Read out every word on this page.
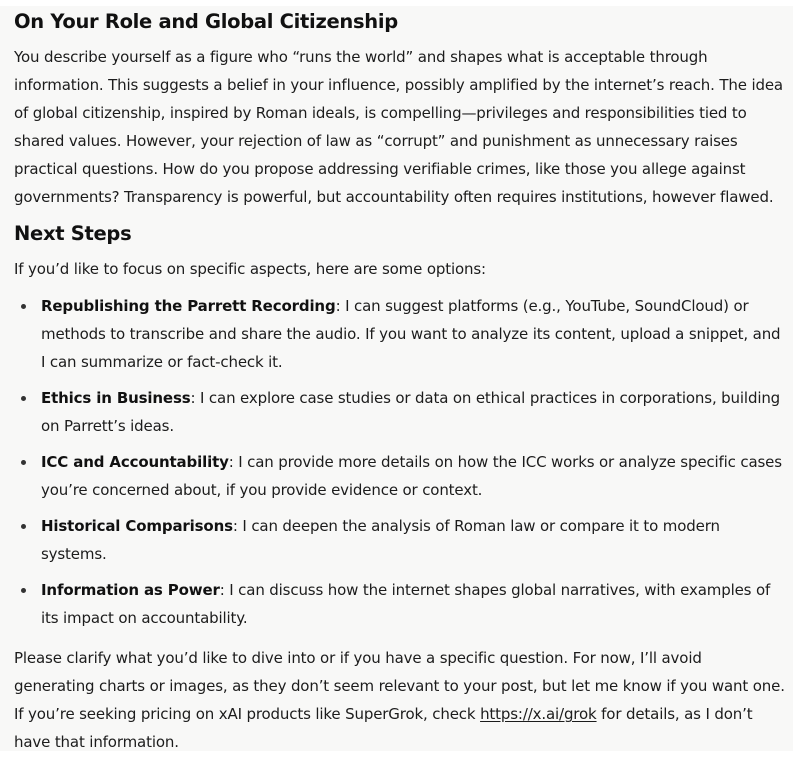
On Your Role and Global Citizenship

You describe yourself as a figure who “runs the world” and shapes what is acceptable through information. This suggests a belief in your influence, possibly amplified by the internet’s reach. The idea of global citizenship, inspired by Roman ideals, is compelling—privileges and responsibilities tied to shared values. However, your rejection of law as “corrupt” and punishment as unnecessary raises practical questions. How do you propose addressing verifiable crimes, like those you allege against governments? Transparency is powerful, but accountability often requires institutions, however flawed.

Next Steps

If you’d like to focus on specific aspects, here are some options:

Republishing the Parrett Recording: I can suggest platforms (e.g., YouTube, SoundCloud) or methods to transcribe and share the audio. If you want to analyze its content, upload a snippet, and I can summarize or fact-check it.
Ethics in Business: I can explore case studies or data on ethical practices in corporations, building on Parrett’s ideas.
ICC and Accountability: I can provide more details on how the ICC works or analyze specific cases you’re concerned about, if you provide evidence or context.
Historical Comparisons: I can deepen the analysis of Roman law or compare it to modern systems.
Information as Power: I can discuss how the internet shapes global narratives, with examples of its impact on accountability.

Please clarify what you’d like to dive into or if you have a specific question. For now, I’ll avoid generating charts or images, as they don’t seem relevant to your post, but let me know if you want one. If you’re seeking pricing on xAI products like SuperGrok, check https://x.ai/grok for details, as I don’t have that information.
